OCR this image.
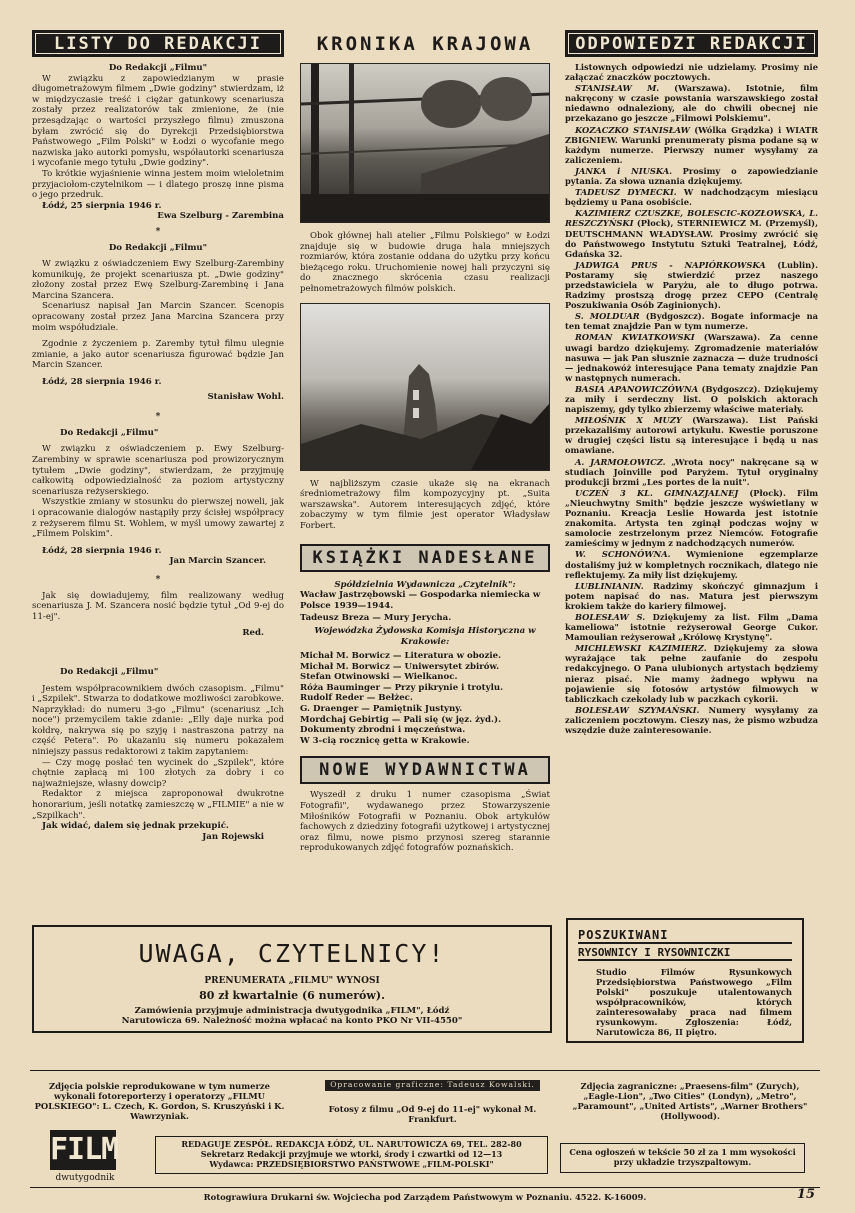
LISTY DO REDAKCJI
Do Redakcji „Filmu"

W związku z zapowiedzianym w prasie długometrażowym filmem „Dwie godziny" stwierdzam, iż w międzyczasie treść i ciężar gatunkowy scenariusza zostały przez realizatorów tak zmienione, że (nie przesądzając o wartości przyszłego filmu) zmuszona byłam zwrócić się do Dyrekcji Przedsiębiorstwa Państwowego „Film Polski" w Łodzi o wycofanie mego nazwiska jako autorki pomysłu, współautorki scenariusza i wycofanie mego tytułu „Dwie godziny".

To krótkie wyjaśnienie winna jestem moim wieloletnim przyjaciołom-czytelnikom — i dlatego proszę inne pisma o jego przedruk.

Łódź, 25 sierpnia 1946 r.

Ewa Szelburg - Zarembina
*
Do Redakcji „Filmu"

W związku z oświadczeniem Ewy Szelburg-Zarembiny komunikuję, że projekt scenariusza pt. „Dwie godziny" złożony został przez Ewę Szelburg-Zarembinę i Jana Marcina Szancera.

Scenariusz napisał Jan Marcin Szancer. Scenopis opracowany został przez Jana Marcina Szancera przy moim współudziale.

Zgodnie z życzeniem p. Zaremby tytuł filmu ulegnie zmianie, a jako autor scenariusza figurować będzie Jan Marcin Szancer.

Łódź, 28 sierpnia 1946 r.

Stanisław Wohl.
*
Do Redakcji „Filmu"

W związku z oświadczeniem p. Ewy Szelburg-Zarembiny w sprawie scenariusza pod prowizorycznym tytułem „Dwie godziny", stwierdzam, że przyjmuję całkowitą odpowiedzialność za poziom artystyczny scenariusza reżyserskiego.

Wszystkie zmiany w stosunku do pierwszej noweli, jak i opracowanie dialogów nastąpiły przy ścisłej współpracy z reżyserem filmu St. Wohlem, w myśl umowy zawartej z „Filmem Polskim".

Łódź, 28 sierpnia 1946 r.

Jan Marcin Szancer.
*

Jak się dowiadujemy, film realizowany według scenariusza J. M. Szancera nosić będzie tytuł „Od 9-ej do 11-ej".

Red.
Do Redakcji „Filmu"

Jestem współpracownikiem dwóch czasopism. „Filmu" i „Szpilek". Stwarza to dodatkowe możliwości zarobkowe. Naprzykład: do numeru 3-go „Filmu" (scenariusz „Ich noce") przemycilem takie zdanie: „Elly daje nurka pod kołdrę, nakrywa się po szyję i nastraszona patrzy na część Petera". Po ukazaniu się numeru pokazałem niniejszy passus redaktorowi z takim zapytaniem:

— Czy mogę posłać ten wycinek do „Szpilek", które chętnie zapłacą mi 100 złotych za dobry i co najważniejsze, własny dowcip?

Redaktor z miejsca zaproponował dwukrotne honorarium, jeśli notatkę zamieszczę w „FILMIE" a nie w „Szpilkach".

Jak widać, dalem się jednak przekupić.

Jan Rojewski
KRONIKA KRAJOWA

Obok głównej hali atelier „Filmu Polskiego" w Łodzi znajduje się w budowie druga hala mniejszych rozmiarów, która zostanie oddana do użytku przy końcu bieżącego roku. Uruchomienie nowej hali przyczyni się do znacznego skrócenia czasu realizacji pełnometrażowych filmów polskich.

W najbliższym czasie ukaże się na ekranach średniometrażowy film kompozycyjny pt. „Suita warszawska". Autorem interesujących zdjęć, które zobaczymy w tym filmie jest operator Władysław Forbert.

KSIĄŻKI NADESŁANE
Spółdzielnia Wydawnicza „Czytelnik":
Wacław Jastrzębowski — Gospodarka niemiecka w Polsce 1939—1944.
Tadeusz Breza — Mury Jerycha.
Wojewódzka Żydowska Komisja Historyczna w Krakowie:
Michał M. Borwicz — Literatura w obozie.
Michał M. Borwicz — Uniwersytet zbirów.
Stefan Otwinowski — Wielkanoc.
Róża Bauminger — Przy pikrynie i trotylu.
Rudolf Reder — Bełżec.
G. Draenger — Pamiętnik Justyny.
Mordchaj Gebirtig — Pali się (w jęz. żyd.).
Dokumenty zbrodni i męczeństwa.
W 3-cią rocznicę getta w Krakowie.
NOWE WYDAWNICTWA

Wyszedł z druku 1 numer czasopisma „Świat Fotografii", wydawanego przez Stowarzyszenie Miłośników Fotografii w Poznaniu. Obok artykułów fachowych z dziedziny fotografii użytkowej i artystycznej oraz filmu, nowe pismo przynosi szereg starannie reprodukowanych zdjęć fotografów poznańskich.

ODPOWIEDZI REDAKCJI

Listownych odpowiedzi nie udzielamy. Prosimy nie załączać znaczków pocztowych.

STANISŁAW M. (Warszawa). Istotnie, film nakręcony w czasie powstania warszawskiego został niedawno odnaleziony, ale do chwili obecnej nie przekazano go jeszcze „Filmowi Polskiemu".

KOZACZKO STANISŁAW (Wólka Grądzka) i WIATR ZBIGNIEW. Warunki prenumeraty pisma podane są w każdym numerze. Pierwszy numer wysyłamy za zaliczeniem.

JANKA i NIUSKA. Prosimy o zapowiedzianie pytania. Za słowa uznania dziękujemy.

TADEUSZ DYMECKI. W nadchodzącym miesiącu będziemy u Pana osobiście.

KAZIMIERZ CZUSZKE, BOLESCIC-KOZŁOWSKA, L. RESZCZYŃSKI (Płock), STERNIEWICZ M. (Przemyśl), DEUTSCHMANN WŁADYSŁAW. Prosimy zwrócić się do Państwowego Instytutu Sztuki Teatralnej, Łódź, Gdańska 32.

JADWIGA PRUS - NAPIÓRKOWSKA (Lublin). Postaramy się stwierdzić przez naszego przedstawiciela w Paryżu, ale to długo potrwa. Radzimy prostszą drogę przez CEPO (Centralę Poszukiwania Osób Zaginionych).

S. MOLDUAR (Bydgoszcz). Bogate informacje na ten temat znajdzie Pan w tym numerze.

ROMAN KWIATKOWSKI (Warszawa). Za cenne uwagi bardzo dziękujemy. Zgromadzenie materiałów nasuwa — jak Pan słusznie zaznacza — duże trudności — jednakowóż interesujące Pana tematy znajdzie Pan w następnych numerach.

BASIA APANOWICZÓWNA (Bydgoszcz). Dziękujemy za miły i serdeczny list. O polskich aktorach napiszemy, gdy tylko zbierzemy właściwe materiały.

MIŁOŚNIK X MUZY (Warszawa). List Pański przekazaliśmy autorowi artykułu. Kwestie poruszone w drugiej części listu są interesujące i będą u nas omawiane.

A. JARMOŁOWICZ. „Wrota nocy" nakręcane są w studiach Joinville pod Paryżem. Tytuł oryginalny produkcji brzmi „Les portes de la nuit".

UCZEŃ 3 KL. GIMNAZJALNEJ (Płock). Film „Nieuchwytny Smith" będzie jeszcze wyświetlany w Poznaniu. Kreacja Leslie Howarda jest istotnie znakomita. Artysta ten zginął podczas wojny w samolocie zestrzelonym przez Niemców. Fotografie zamieścimy w jednym z nadchodzących numerów.

W. SCHONÓWNA. Wymienione egzemplarze dostaliśmy już w kompletnych rocznikach, dlatego nie reflektujemy. Za miły list dziękujemy.

LUBLINIANIN. Radzimy skończyć gimnazjum i potem napisać do nas. Matura jest pierwszym krokiem także do kariery filmowej.

BOLESŁAW S. Dziękujemy za list. Film „Dama kameliowa" istotnie reżyserował George Cukor. Mamoulian reżyserował „Królowę Krystynę".

MICHLEWSKI KAZIMIERZ. Dziękujemy za słowa wyrażające tak pełne zaufanie do zespołu redakcyjnego. O Pana ulubionych artystach będziemy nieraz pisać. Nie mamy żadnego wpływu na pojawienie się fotosów artystów filmowych w tabliczkach czekolady lub w paczkach cykorii.

BOLESŁAW SZYMAŃSKI. Numery wysyłamy za zaliczeniem pocztowym. Cieszy nas, że pismo wzbudza wszędzie duże zainteresowanie.

UWAGA, CZYTELNICY!
PRENUMERATA „FILMU" WYNOSI
80 zł kwartalnie (6 numerów).
Zamówienia przyjmuje administracja dwutygodnika „FILM", Łódź
Narutowicza 69. Należność można wpłacać na konto PKO Nr VII-4550"
POSZUKIWANI
RYSOWNICY I RYSOWNICZKI
Studio Filmów Rysunkowych Przedsiębiorstwa Państwowego „Film Polski" poszukuje utalentowanych współpracowników, których zainteresowałaby praca nad filmem rysunkowym. Zgłoszenia: Łódź, Narutowicza 86, II piętro.
Zdjęcia polskie reprodukowane w tym numerze wykonali fotoreporterzy i operatorzy „FILMU POLSKIEGO": L. Czech, K. Gordon, S. Kruszyński i K. Wawrzyniak.
Opracowanie graficzne: Tadeusz Kowalski.
Fotosy z filmu „Od 9-ej do 11-ej" wykonał M. Frankfurt.
Zdjęcia zagraniczne: „Praesens-film" (Zurych), „Eagle-Lion", „Two Cities" (Londyn), „Metro", „Paramount", „United Artists", „Warner Brothers" (Hollywood).
FILM
dwutygodnik
REDAGUJE ZESPÓŁ. REDAKCJA ŁÓDŹ, UL. NARUTOWICZA 69, TEL. 282-80
Sekretarz Redakcji przyjmuje we wtorki, środy i czwartki od 12—13
Wydawca: PRZEDSIĘBIORSTWO PAŃSTWOWE „FILM-POLSKI"
Cena ogłoszeń w tekście 50 zł za 1 mm wysokości przy układzie trzyszpaltowym.
Rotograwiura Drukarni św. Wojciecha pod Zarządem Państwowym w Poznaniu. 4522. K-16009.	15
